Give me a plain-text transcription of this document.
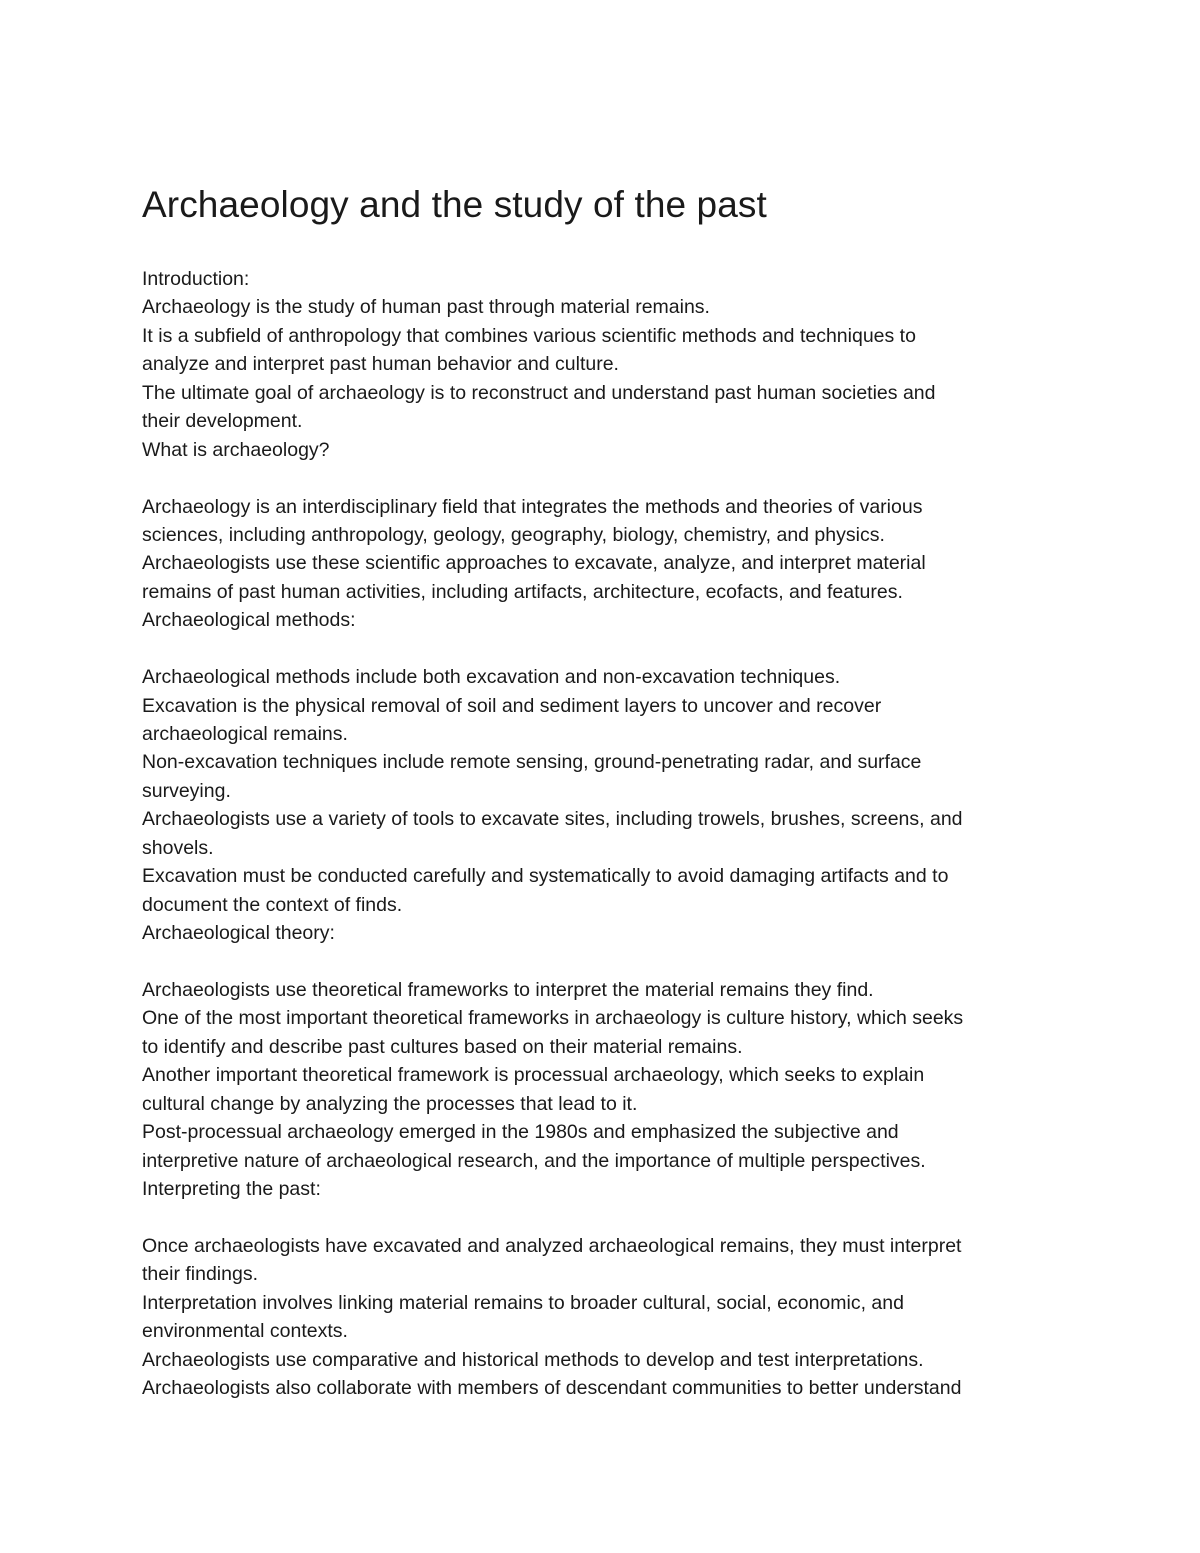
Archaeology and the study of the past
Introduction:
Archaeology is the study of human past through material remains.
It is a subfield of anthropology that combines various scientific methods and techniques to
analyze and interpret past human behavior and culture.
The ultimate goal of archaeology is to reconstruct and understand past human societies and
their development.
What is archaeology?
Archaeology is an interdisciplinary field that integrates the methods and theories of various
sciences, including anthropology, geology, geography, biology, chemistry, and physics.
Archaeologists use these scientific approaches to excavate, analyze, and interpret material
remains of past human activities, including artifacts, architecture, ecofacts, and features.
Archaeological methods:
Archaeological methods include both excavation and non-excavation techniques.
Excavation is the physical removal of soil and sediment layers to uncover and recover
archaeological remains.
Non-excavation techniques include remote sensing, ground-penetrating radar, and surface
surveying.
Archaeologists use a variety of tools to excavate sites, including trowels, brushes, screens, and
shovels.
Excavation must be conducted carefully and systematically to avoid damaging artifacts and to
document the context of finds.
Archaeological theory:
Archaeologists use theoretical frameworks to interpret the material remains they find.
One of the most important theoretical frameworks in archaeology is culture history, which seeks
to identify and describe past cultures based on their material remains.
Another important theoretical framework is processual archaeology, which seeks to explain
cultural change by analyzing the processes that lead to it.
Post-processual archaeology emerged in the 1980s and emphasized the subjective and
interpretive nature of archaeological research, and the importance of multiple perspectives.
Interpreting the past:
Once archaeologists have excavated and analyzed archaeological remains, they must interpret
their findings.
Interpretation involves linking material remains to broader cultural, social, economic, and
environmental contexts.
Archaeologists use comparative and historical methods to develop and test interpretations.
Archaeologists also collaborate with members of descendant communities to better understand
